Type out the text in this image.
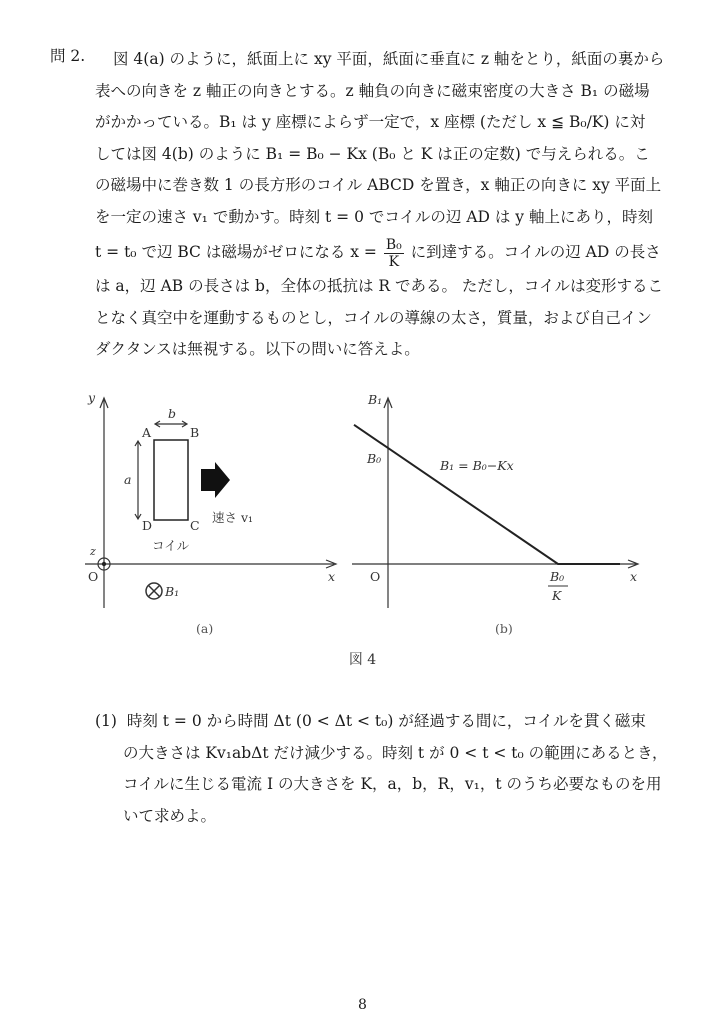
問 2.	図 4(a) のように，紙面上に xy 平面，紙面に垂直に z 軸をとり，紙面の裏から
表への向きを z 軸正の向きとする。z 軸負の向きに磁束密度の大きさ B₁ の磁場
がかかっている。B₁ は y 座標によらず一定で，x 座標 (ただし x ≦ B₀/K) に対
しては図 4(b) のように B₁ = B₀ − Kx (B₀ と K は正の定数) で与えられる。こ
の磁場中に巻き数 1 の長方形のコイル ABCD を置き，x 軸正の向きに xy 平面上
を一定の速さ v₁ で動かす。時刻 t = 0 でコイルの辺 AD は y 軸上にあり，時刻
t = t₀ で辺 BC は磁場がゼロになる $x = \frac{\text{B₀}}{K}$ に到達する。コイルの辺 AD の長さ
は a，辺 AB の長さは b，全体の抵抗は R である。 ただし，コイルは変形するこ
となく真空中を運動するものとし，コイルの導線の太さ，質量，および自己イン
ダクタンスは無視する。以下の問いに答えよ。
y
x
z
O
A	B
C
D
b
a
速さ v₁
コイル
B₁
B₁
x
O
B₀	B₁ = B₀−Kx
B₀
K
(a)	(b)
図 4
(1) 時刻 t = 0 から時間 Δt (0 < Δt < t₀) が経過する間に，コイルを貫く磁束
の大きさは Kv₁abΔt だけ減少する。時刻 t が 0 < t < t₀ の範囲にあるとき，
コイルに生じる電流 I の大きさを K，a，b，R，v₁，t のうち必要なものを用
いて求めよ。
8
